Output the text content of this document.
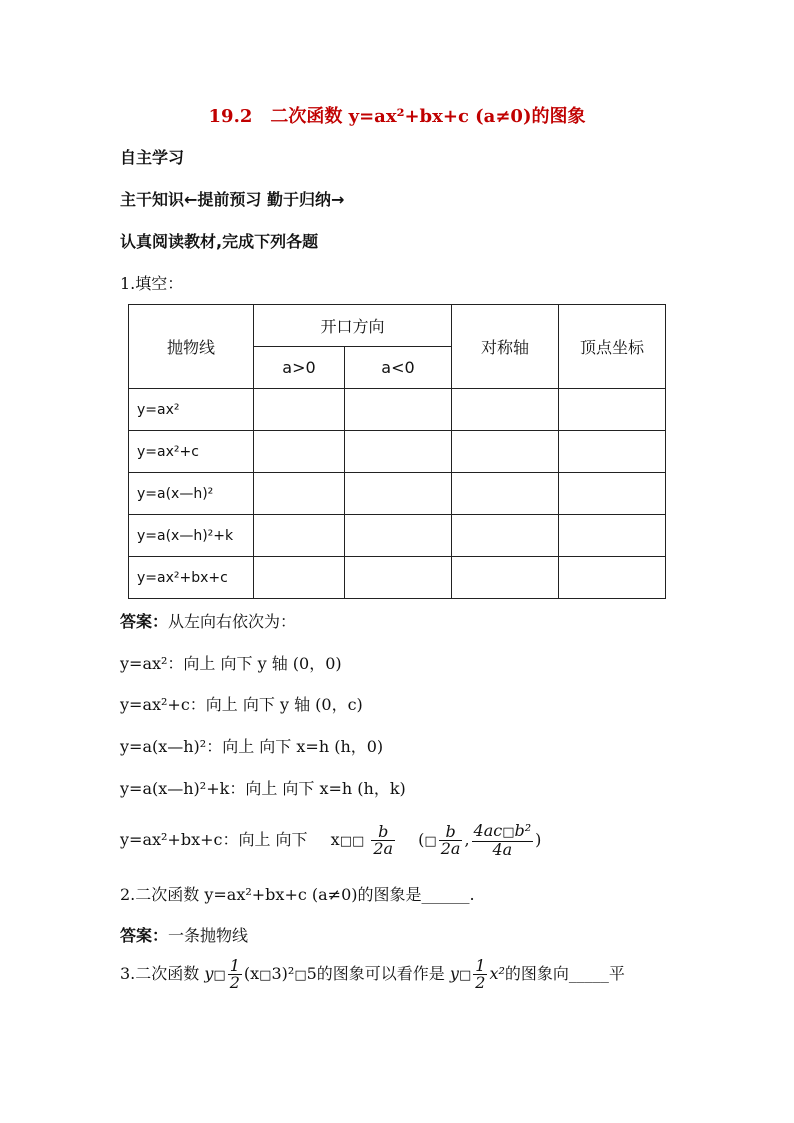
19.2　二次函数 y=ax²+bx+c (a≠0)的图象
自主学习
主干知识←提前预习 勤于归纳→
认真阅读教材,完成下列各题
1.填空：
抛物线	开口方向		对称轴	顶点坐标
	a>0	a<0		
y=ax²				
y=ax²+c				
y=a(x—h)²				
y=a(x—h)²+k				
y=ax²+bx+c				
答案：从左向右依次为：
y=ax²：向上 向下 y 轴 (0，0)
y=ax²+c：向上 向下 y 轴 (0，c)
y=a(x—h)²：向上 向下 x=h (h，0)
y=a(x—h)²+k：向上 向下 x=h (h，k)
y=ax²+bx+c：向上 向下 x□□ $\frac{b}{2a}$ (□ $\frac{b}{2a}$ , $\frac{\text{4ac□b²}}{4a}$ )
2.二次函数 y=ax²+bx+c (a≠0)的图象是______.
答案：一条抛物线
3.二次函数 y□ $\frac{1}{2}$ (x□3)²□5的图象可以看作是 y□ $\frac{1}{2} x^2$的图象向_____平
